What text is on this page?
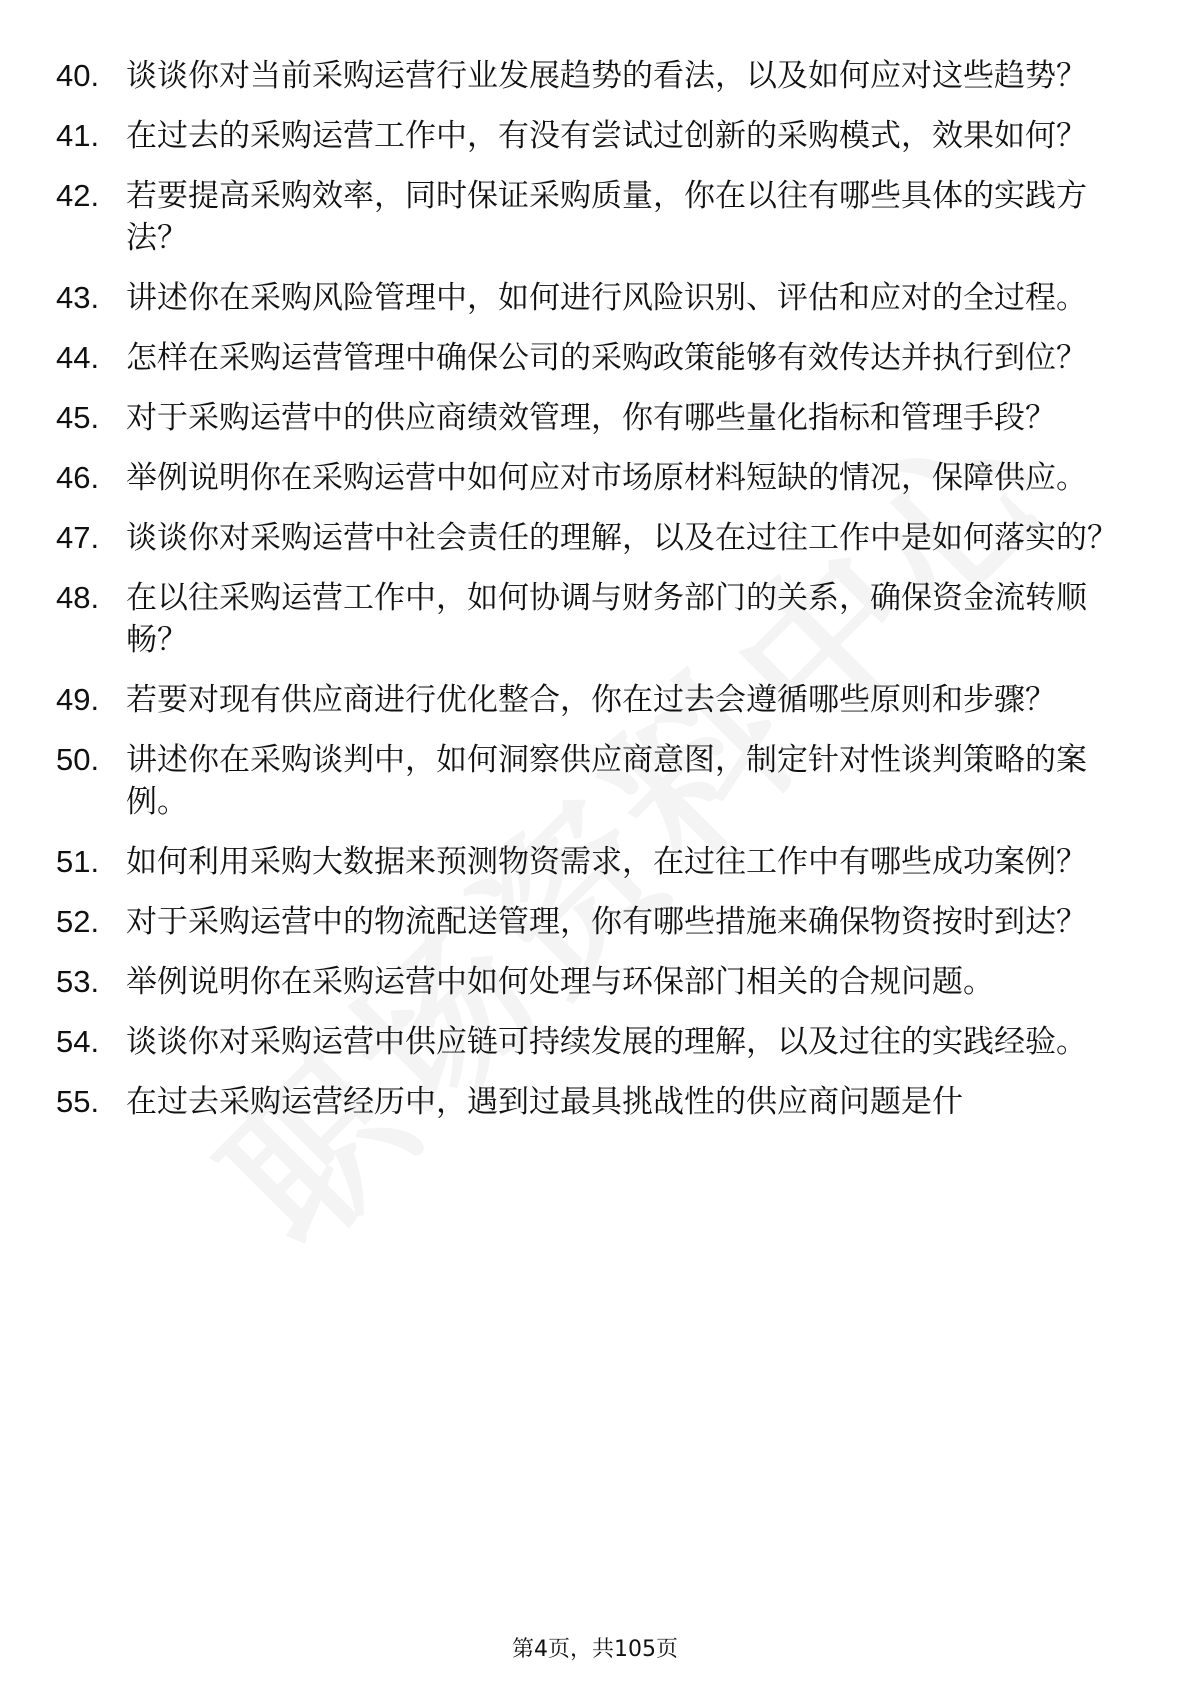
40. 谈谈你对当前采购运营行业发展趋势的看法，以及如何应对这些趋势？
41. 在过去的采购运营工作中，有没有尝试过创新的采购模式，效果如何？
42. 若要提高采购效率，同时保证采购质量，你在以往有哪些具体的实践方法？
43. 讲述你在采购风险管理中，如何进行风险识别、评估和应对的全过程。
44. 怎样在采购运营管理中确保公司的采购政策能够有效传达并执行到位？
45. 对于采购运营中的供应商绩效管理，你有哪些量化指标和管理手段？
46. 举例说明你在采购运营中如何应对市场原材料短缺的情况，保障供应。
47. 谈谈你对采购运营中社会责任的理解，以及在过往工作中是如何落实的？
48. 在以往采购运营工作中，如何协调与财务部门的关系，确保资金流转顺畅？
49. 若要对现有供应商进行优化整合，你在过去会遵循哪些原则和步骤？
50. 讲述你在采购谈判中，如何洞察供应商意图，制定针对性谈判策略的案例。
51. 如何利用采购大数据来预测物资需求，在过往工作中有哪些成功案例？
52. 对于采购运营中的物流配送管理，你有哪些措施来确保物资按时到达？
53. 举例说明你在采购运营中如何处理与环保部门相关的合规问题。
54. 谈谈你对采购运营中供应链可持续发展的理解，以及过往的实践经验。
55. 在过去采购运营经历中，遇到过最具挑战性的供应商问题是什
第4页，共105页
